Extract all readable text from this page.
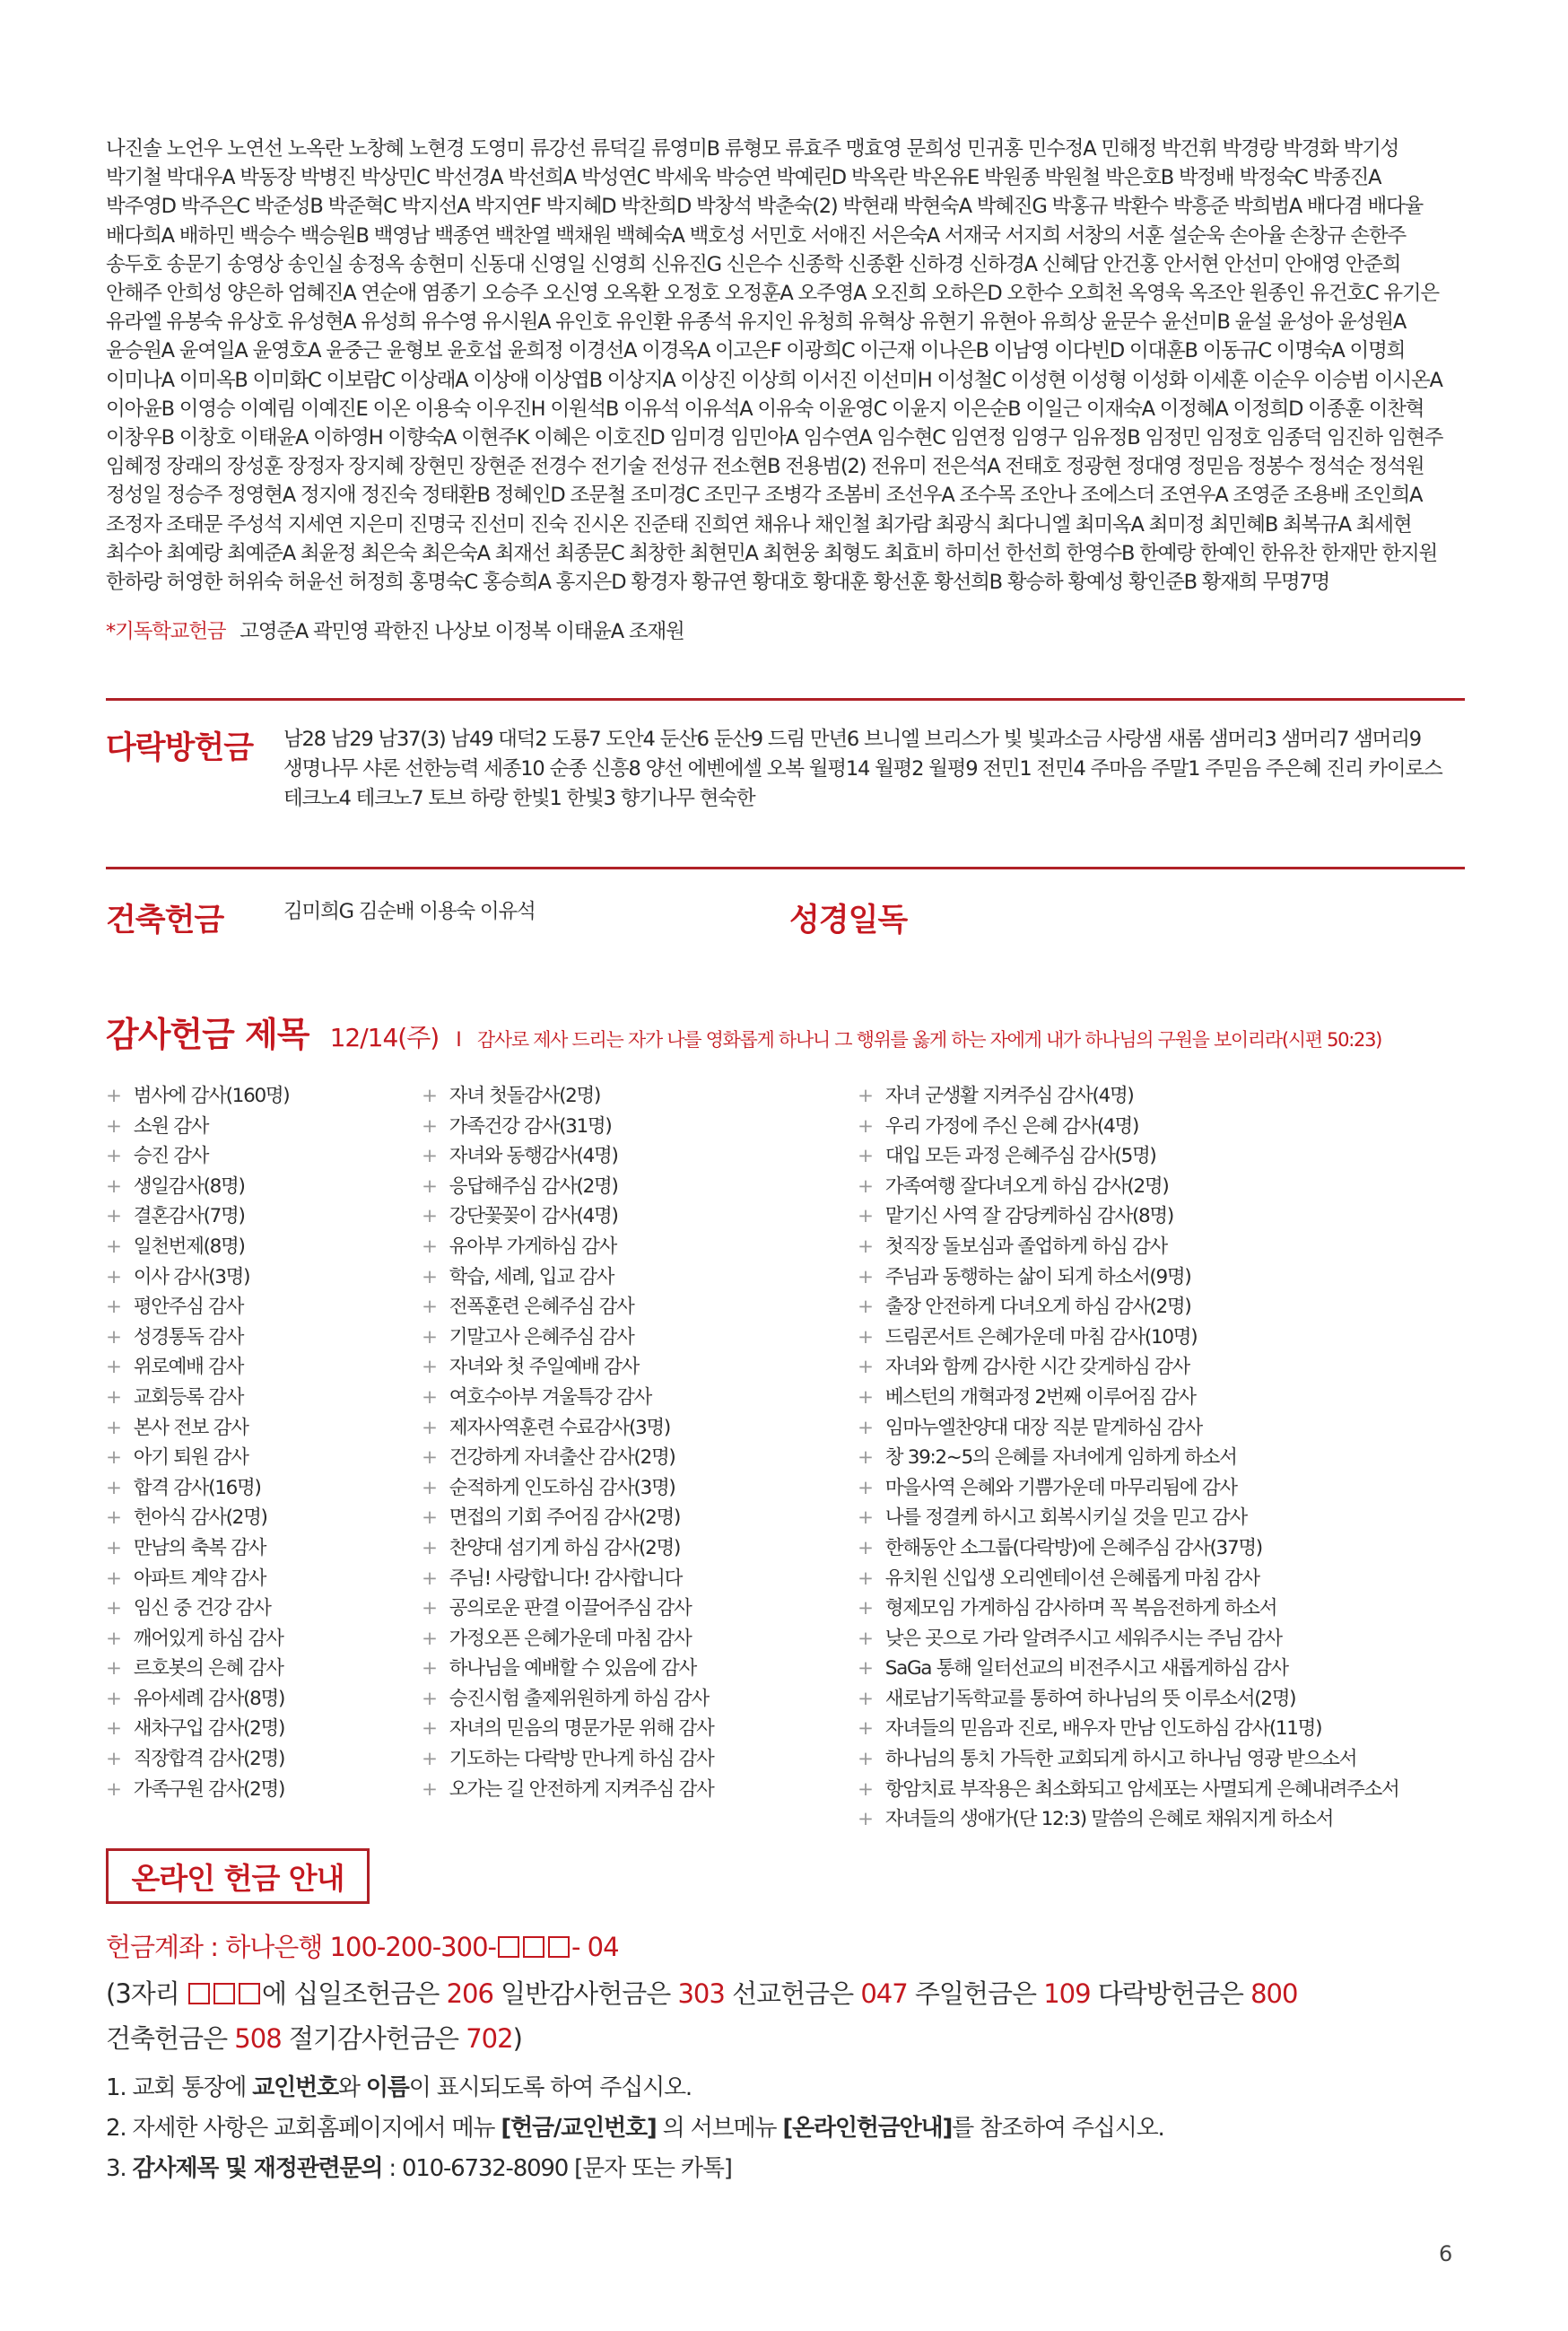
나진솔 노언우 노연선 노옥란 노창혜 노현경 도영미 류강선 류덕길 류영미B 류형모 류효주 맹효영 문희성 민귀홍 민수정A 민해정 박건휘 박경랑 박경화 박기성
박기철 박대우A 박동장 박병진 박상민C 박선경A 박선희A 박성연C 박세욱 박승연 박예린D 박옥란 박온유E 박원종 박원철 박은호B 박정배 박정숙C 박종진A
박주영D 박주은C 박준성B 박준혁C 박지선A 박지연F 박지혜D 박찬희D 박창석 박춘숙(2) 박현래 박현숙A 박혜진G 박홍규 박환수 박흥준 박희범A 배다겸 배다율
배다희A 배하민 백승수 백승원B 백영남 백종연 백찬열 백채원 백혜숙A 백호성 서민호 서애진 서은숙A 서재국 서지희 서창의 서훈 설순욱 손아율 손창규 손한주
송두호 송문기 송영상 송인실 송정옥 송현미 신동대 신영일 신영희 신유진G 신은수 신종학 신종환 신하경 신하경A 신혜담 안건홍 안서현 안선미 안애영 안준희
안해주 안희성 양은하 엄혜진A 연순애 염종기 오승주 오신영 오옥환 오정호 오정훈A 오주영A 오진희 오하은D 오한수 오희천 옥영욱 옥조안 원종인 유건호C 유기은
유라엘 유봉숙 유상호 유성현A 유성희 유수영 유시원A 유인호 유인환 유종석 유지인 유청희 유혁상 유현기 유현아 유희상 윤문수 윤선미B 윤설 윤성아 윤성원A
윤승원A 윤여일A 윤영호A 윤중근 윤형보 윤호섭 윤희정 이경선A 이경옥A 이고은F 이광희C 이근재 이나은B 이남영 이다빈D 이대훈B 이동규C 이명숙A 이명희
이미나A 이미옥B 이미화C 이보람C 이상래A 이상애 이상엽B 이상지A 이상진 이상희 이서진 이선미H 이성철C 이성현 이성형 이성화 이세훈 이순우 이승범 이시온A
이아윤B 이영승 이예림 이예진E 이온 이용숙 이우진H 이원석B 이유석 이유석A 이유숙 이윤영C 이윤지 이은순B 이일근 이재숙A 이정혜A 이정희D 이종훈 이찬혁
이창우B 이창호 이태윤A 이하영H 이향숙A 이현주K 이혜은 이호진D 임미경 임민아A 임수연A 임수현C 임연정 임영구 임유정B 임정민 임정호 임종덕 임진하 임현주
임혜정 장래의 장성훈 장정자 장지혜 장현민 장현준 전경수 전기술 전성규 전소현B 전용범(2) 전유미 전은석A 전태호 정광현 정대영 정믿음 정봉수 정석순 정석원
정성일 정승주 정영현A 정지애 정진숙 정태환B 정혜인D 조문철 조미경C 조민구 조병각 조봄비 조선우A 조수목 조안나 조에스더 조연우A 조영준 조용배 조인희A
조정자 조태문 주성석 지세연 지은미 진명국 진선미 진숙 진시온 진준태 진희연 채유나 채인철 최가람 최광식 최다니엘 최미옥A 최미정 최민혜B 최복규A 최세현
최수아 최예랑 최예준A 최윤정 최은숙 최은숙A 최재선 최종문C 최창한 최현민A 최현웅 최형도 최효비 하미선 한선희 한영수B 한예랑 한예인 한유찬 한재만 한지원
한하랑 허영한 허위숙 허윤선 허정희 홍명숙C 홍승희A 홍지은D 황경자 황규연 황대호 황대훈 황선훈 황선희B 황승하 황예성 황인준B 황재희 무명7명
*기독학교헌금 고영준A 곽민영 곽한진 나상보 이정복 이태윤A 조재원
다락방헌금 남28 남29 남37(3) 남49 대덕2 도룡7 도안4 둔산6 둔산9 드림 만년6 브니엘 브리스가 빛 빛과소금 사랑샘 새롬 샘머리3 샘머리7 샘머리9
생명나무 샤론 선한능력 세종10 순종 신흥8 양선 에벤에셀 오복 월평14 월평2 월평9 전민1 전민4 주마음 주말1 주믿음 주은혜 진리 카이로스
테크노4 테크노7 토브 하랑 한빛1 한빛3 향기나무 현숙한
건축헌금	김미희G 김순배 이용숙 이유석	성경일독
감사헌금 제목 12/14(주) I 감사로 제사 드리는 자가 나를 영화롭게 하나니 그 행위를 옳게 하는 자에게 내가 하나님의 구원을 보이리라(시편 50:23)
+ 범사에 감사(160명)
+ 소원 감사
+ 승진 감사
+ 생일감사(8명)
+ 결혼감사(7명)
+ 일천번제(8명)
+ 이사 감사(3명)
+ 평안주심 감사
+ 성경통독 감사
+ 위로예배 감사
+ 교회등록 감사
+ 본사 전보 감사
+ 아기 퇴원 감사
+ 합격 감사(16명)
+ 헌아식 감사(2명)
+ 만남의 축복 감사
+ 아파트 계약 감사
+ 임신 중 건강 감사
+ 깨어있게 하심 감사
+ 르호봇의 은혜 감사
+ 유아세례 감사(8명)
+ 새차구입 감사(2명)
+ 직장합격 감사(2명)
+ 가족구원 감사(2명)
+ 자녀 첫돌감사(2명)
+ 가족건강 감사(31명)
+ 자녀와 동행감사(4명)
+ 응답해주심 감사(2명)
+ 강단꽃꽂이 감사(4명)
+ 유아부 가게하심 감사
+ 학습, 세례, 입교 감사
+ 전폭훈련 은혜주심 감사
+ 기말고사 은혜주심 감사
+ 자녀와 첫 주일예배 감사
+ 여호수아부 겨울특강 감사
+ 제자사역훈련 수료감사(3명)
+ 건강하게 자녀출산 감사(2명)
+ 순적하게 인도하심 감사(3명)
+ 면접의 기회 주어짐 감사(2명)
+ 찬양대 섬기게 하심 감사(2명)
+ 주님! 사랑합니다! 감사합니다
+ 공의로운 판결 이끌어주심 감사
+ 가정오픈 은혜가운데 마침 감사
+ 하나님을 예배할 수 있음에 감사
+ 승진시험 출제위원하게 하심 감사
+ 자녀의 믿음의 명문가문 위해 감사
+ 기도하는 다락방 만나게 하심 감사
+ 오가는 길 안전하게 지켜주심 감사
+ 자녀 군생활 지켜주심 감사(4명)
+ 우리 가정에 주신 은혜 감사(4명)
+ 대입 모든 과정 은혜주심 감사(5명)
+ 가족여행 잘다녀오게 하심 감사(2명)
+ 맡기신 사역 잘 감당케하심 감사(8명)
+ 첫직장 돌보심과 졸업하게 하심 감사
+ 주님과 동행하는 삶이 되게 하소서(9명)
+ 출장 안전하게 다녀오게 하심 감사(2명)
+ 드림콘서트 은혜가운데 마침 감사(10명)
+ 자녀와 함께 감사한 시간 갖게하심 감사
+ 베스턴의 개혁과정 2번째 이루어짐 감사
+ 임마누엘찬양대 대장 직분 맡게하심 감사
+ 창 39:2~5의 은혜를 자녀에게 임하게 하소서
+ 마을사역 은혜와 기쁨가운데 마무리됨에 감사
+ 나를 정결케 하시고 회복시키실 것을 믿고 감사
+ 한해동안 소그룹(다락방)에 은혜주심 감사(37명)
+ 유치원 신입생 오리엔테이션 은혜롭게 마침 감사
+ 형제모임 가게하심 감사하며 꼭 복음전하게 하소서
+ 낮은 곳으로 가라 알려주시고 세워주시는 주님 감사
+ SaGa 통해 일터선교의 비전주시고 새롭게하심 감사
+ 새로남기독학교를 통하여 하나님의 뜻 이루소서(2명)
+ 자녀들의 믿음과 진로, 배우자 만남 인도하심 감사(11명)
+ 하나님의 통치 가득한 교회되게 하시고 하나님 영광 받으소서
+ 항암치료 부작용은 최소화되고 암세포는 사멸되게 은혜내려주소서
+ 자녀들의 생애가(단 12:3) 말씀의 은혜로 채워지게 하소서
온라인 헌금 안내
헌금계좌 : 하나은행 100-200-300-	- 04
(3자리	에 십일조헌금은 206 일반감사헌금은 303 선교헌금은 047 주일헌금은 109 다락방헌금은 800
건축헌금은 508 절기감사헌금은 702)
1. 교회 통장에 교인번호와 이름이 표시되도록 하여 주십시오.
2. 자세한 사항은 교회홈페이지에서 메뉴 [헌금/교인번호] 의 서브메뉴 [온라인헌금안내]를 참조하여 주십시오.
3. 감사제목 및 재정관련문의 : 010-6732-8090 [문자 또는 카톡]
6
